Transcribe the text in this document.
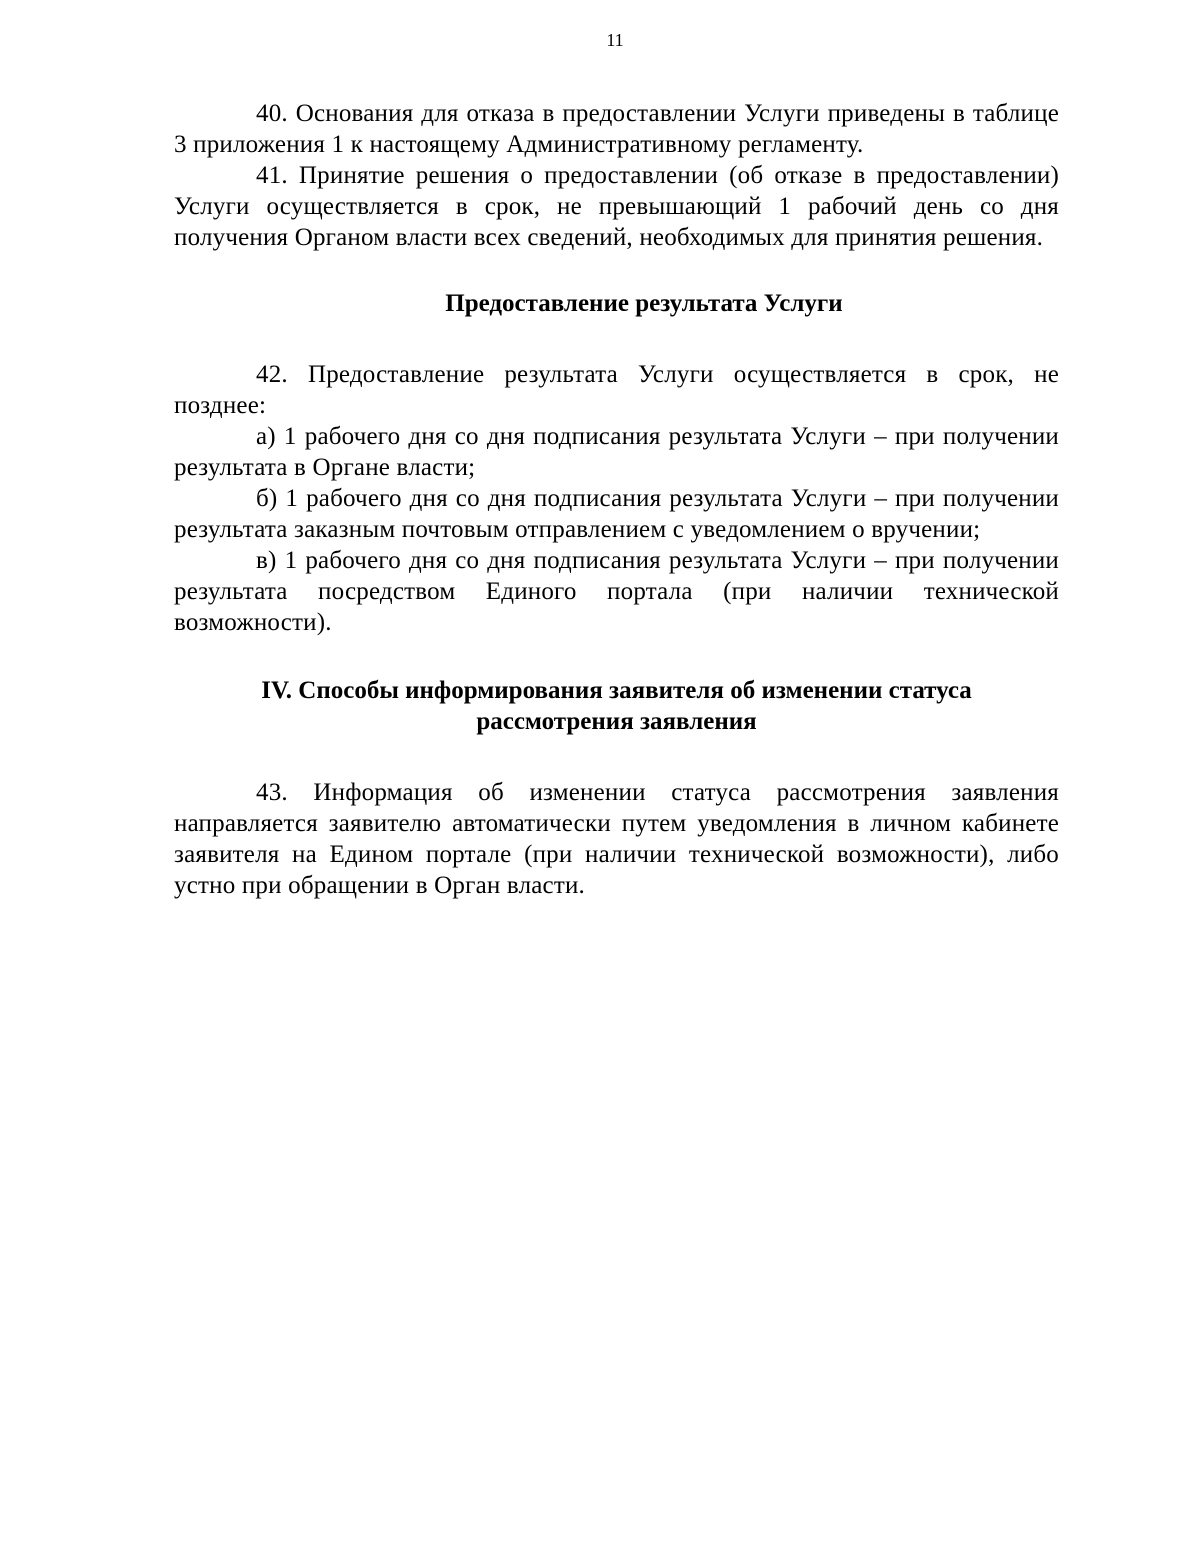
11

40. Основания для отказа в предоставлении Услуги приведены в таблице 3 приложения 1 к настоящему Административному регламенту.

41. Принятие решения о предоставлении (об отказе в предоставлении) Услуги осуществляется в срок, не превышающий 1 рабочий день со дня получения Органом власти всех сведений, необходимых для принятия решения.

Предоставление результата Услуги

42. Предоставление результата Услуги осуществляется в срок, не позднее:

а) 1 рабочего дня со дня подписания результата Услуги – при получении результата в Органе власти;

б) 1 рабочего дня со дня подписания результата Услуги – при получении результата заказным почтовым отправлением с уведомлением о вручении;

в) 1 рабочего дня со дня подписания результата Услуги – при получении результата посредством Единого портала (при наличии технической возможности).

IV. Способы информирования заявителя об изменении статуса
рассмотрения заявления

43. Информация об изменении статуса рассмотрения заявления направляется заявителю автоматически путем уведомления в личном кабинете заявителя на Едином портале (при наличии технической возможности), либо устно при обращении в Орган власти.
